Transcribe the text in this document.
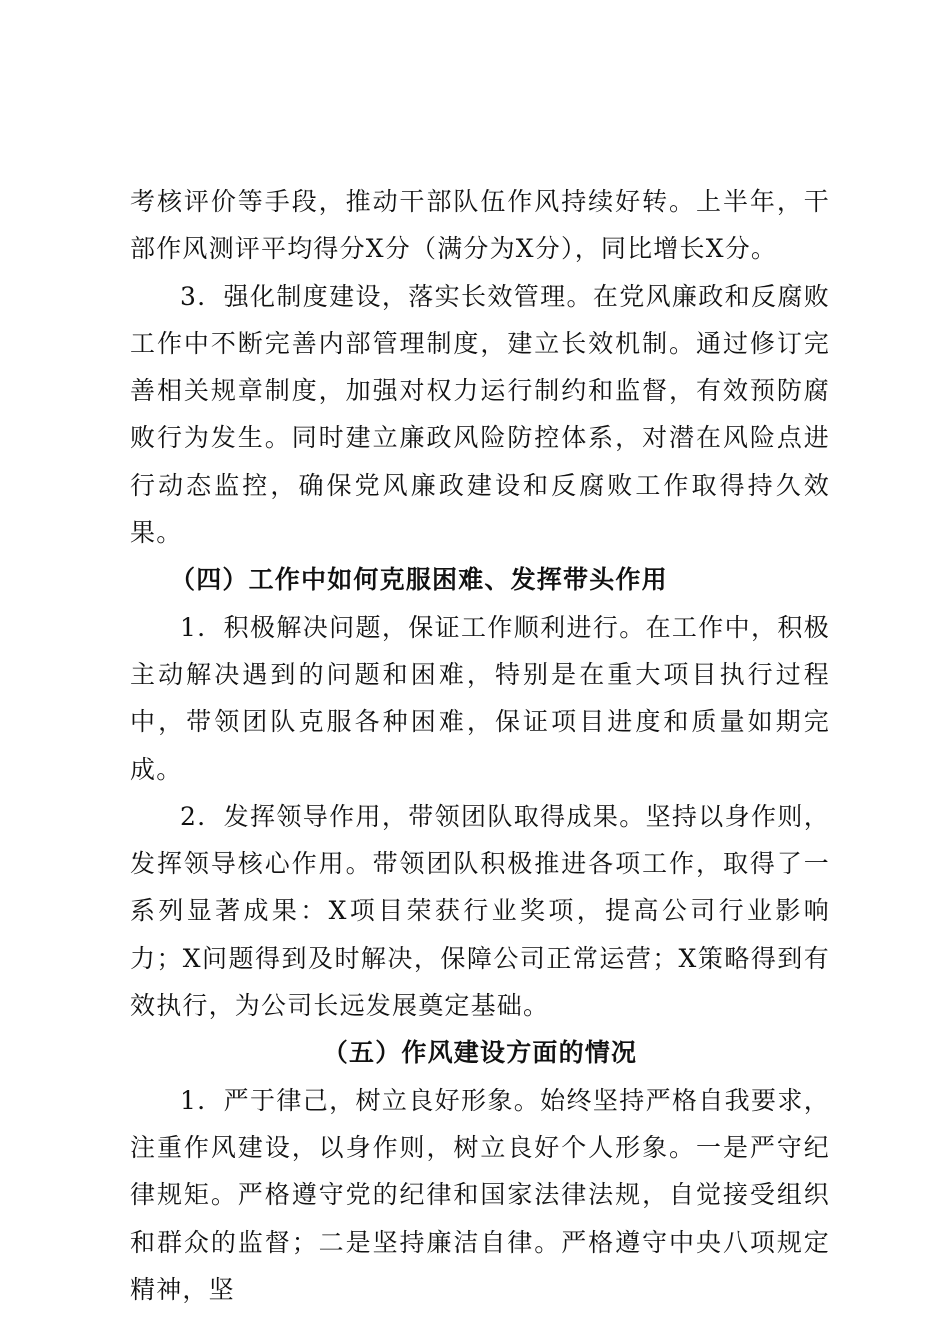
考核评价等手段，推动干部队伍作风持续好转。上半年，干部作风测评平均得分X分（满分为X分），同比增长X分。

3．强化制度建设，落实长效管理。在党风廉政和反腐败工作中不断完善内部管理制度，建立长效机制。通过修订完善相关规章制度，加强对权力运行制约和监督，有效预防腐败行为发生。同时建立廉政风险防控体系，对潜在风险点进行动态监控，确保党风廉政建设和反腐败工作取得持久效果。

（四）工作中如何克服困难、发挥带头作用

1．积极解决问题，保证工作顺利进行。在工作中，积极主动解决遇到的问题和困难，特别是在重大项目执行过程中，带领团队克服各种困难，保证项目进度和质量如期完成。

2．发挥领导作用，带领团队取得成果。坚持以身作则，发挥领导核心作用。带领团队积极推进各项工作，取得了一系列显著成果：X项目荣获行业奖项，提高公司行业影响力；X问题得到及时解决，保障公司正常运营；X策略得到有效执行，为公司长远发展奠定基础。

（五）作风建设方面的情况

1．严于律己，树立良好形象。始终坚持严格自我要求，注重作风建设，以身作则，树立良好个人形象。一是严守纪律规矩。严格遵守党的纪律和国家法律法规，自觉接受组织和群众的监督；二是坚持廉洁自律。严格遵守中央八项规定精神，坚
